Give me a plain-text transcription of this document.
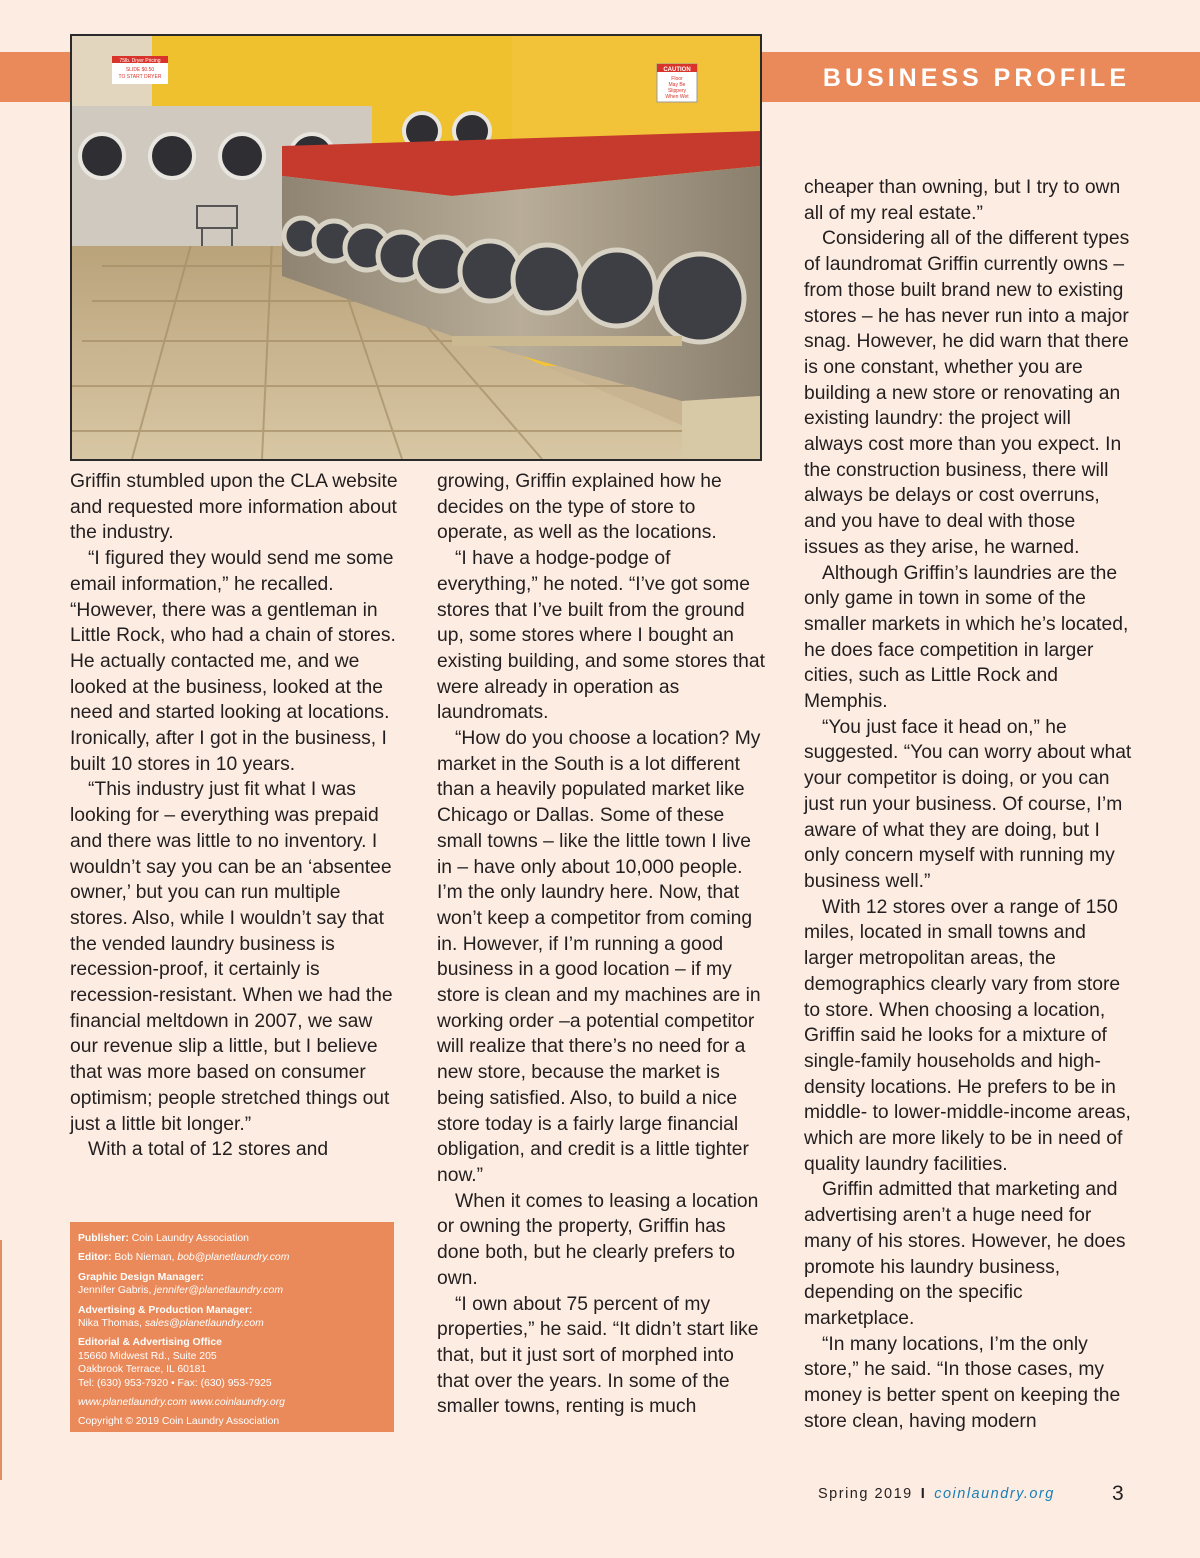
BUSINESS PROFILE
CAUTION
Floor
May Be
Slippery
When Wet
75lb. Dryer Pricing
SLIDE $0.50
TO START DRYER

Griffin stumbled upon the CLA website and requested more information about the industry.

“I figured they would send me some email information,” he recalled. “However, there was a gentleman in Little Rock, who had a chain of stores. He actually contacted me, and we looked at the business, looked at the need and started looking at locations. Ironically, after I got in the business, I built 10 stores in 10 years.

“This industry just fit what I was looking for – everything was prepaid and there was little to no inventory. I wouldn’t say you can be an ‘absentee owner,’ but you can run multiple stores. Also, while I wouldn’t say that the vended laundry business is recession-proof, it certainly is recession-resistant. When we had the financial meltdown in 2007, we saw our revenue slip a little, but I believe that was more based on consumer optimism; people stretched things out just a little bit longer.”

With a total of 12 stores and

growing, Griffin explained how he decides on the type of store to operate, as well as the locations.

“I have a hodge-podge of everything,” he noted. “I’ve got some stores that I’ve built from the ground up, some stores where I bought an existing building, and some stores that were already in operation as laundromats.

“How do you choose a location? My market in the South is a lot different than a heavily populated market like Chicago or Dallas. Some of these small towns – like the little town I live in – have only about 10,000 people. I’m the only laundry here. Now, that won’t keep a competitor from coming in. However, if I’m running a good business in a good location – if my store is clean and my machines are in working order –a potential competitor will realize that there’s no need for a new store, because the market is being satisfied. Also, to build a nice store today is a fairly large financial obligation, and credit is a little tighter now.”

When it comes to leasing a location or owning the property, Griffin has done both, but he clearly prefers to own.

“I own about 75 percent of my properties,” he said. “It didn’t start like that, but it just sort of morphed into that over the years. In some of the smaller towns, renting is much

cheaper than owning, but I try to own all of my real estate.”

Considering all of the different types of laundromat Griffin currently owns – from those built brand new to existing stores – he has never run into a major snag. However, he did warn that there is one constant, whether you are building a new store or renovating an existing laundry: the project will always cost more than you expect. In the construction business, there will always be delays or cost overruns, and you have to deal with those issues as they arise, he warned.

Although Griffin’s laundries are the only game in town in some of the smaller markets in which he’s located, he does face competition in larger cities, such as Little Rock and Memphis.

“You just face it head on,” he suggested. “You can worry about what your competitor is doing, or you can just run your business. Of course, I’m aware of what they are doing, but I only concern myself with running my business well.”

With 12 stores over a range of 150 miles, located in small towns and larger metropolitan areas, the demographics clearly vary from store to store. When choosing a location, Griffin said he looks for a mixture of single-family households and high-density locations. He prefers to be in middle- to lower-middle-income areas, which are more likely to be in need of quality laundry facilities.

Griffin admitted that marketing and advertising aren’t a huge need for many of his stores. However, he does promote his laundry business, depending on the specific marketplace.

“In many locations, I’m the only store,” he said. “In those cases, my money is better spent on keeping the store clean, having modern

Publisher: Coin Laundry Association
Editor: Bob Nieman, bob@planetlaundry.com
Graphic Design Manager:
Jennifer Gabris, jennifer@planetlaundry.com
Advertising & Production Manager:
Nika Thomas, sales@planetlaundry.com
Editorial & Advertising Office
15660 Midwest Rd., Suite 205
Oakbrook Terrace, IL 60181
Tel: (630) 953-7920 • Fax: (630) 953-7925
www.planetlaundry.com www.coinlaundry.org
Copyright © 2019 Coin Laundry Association
Spring 2019 I coinlaundry.org	3
